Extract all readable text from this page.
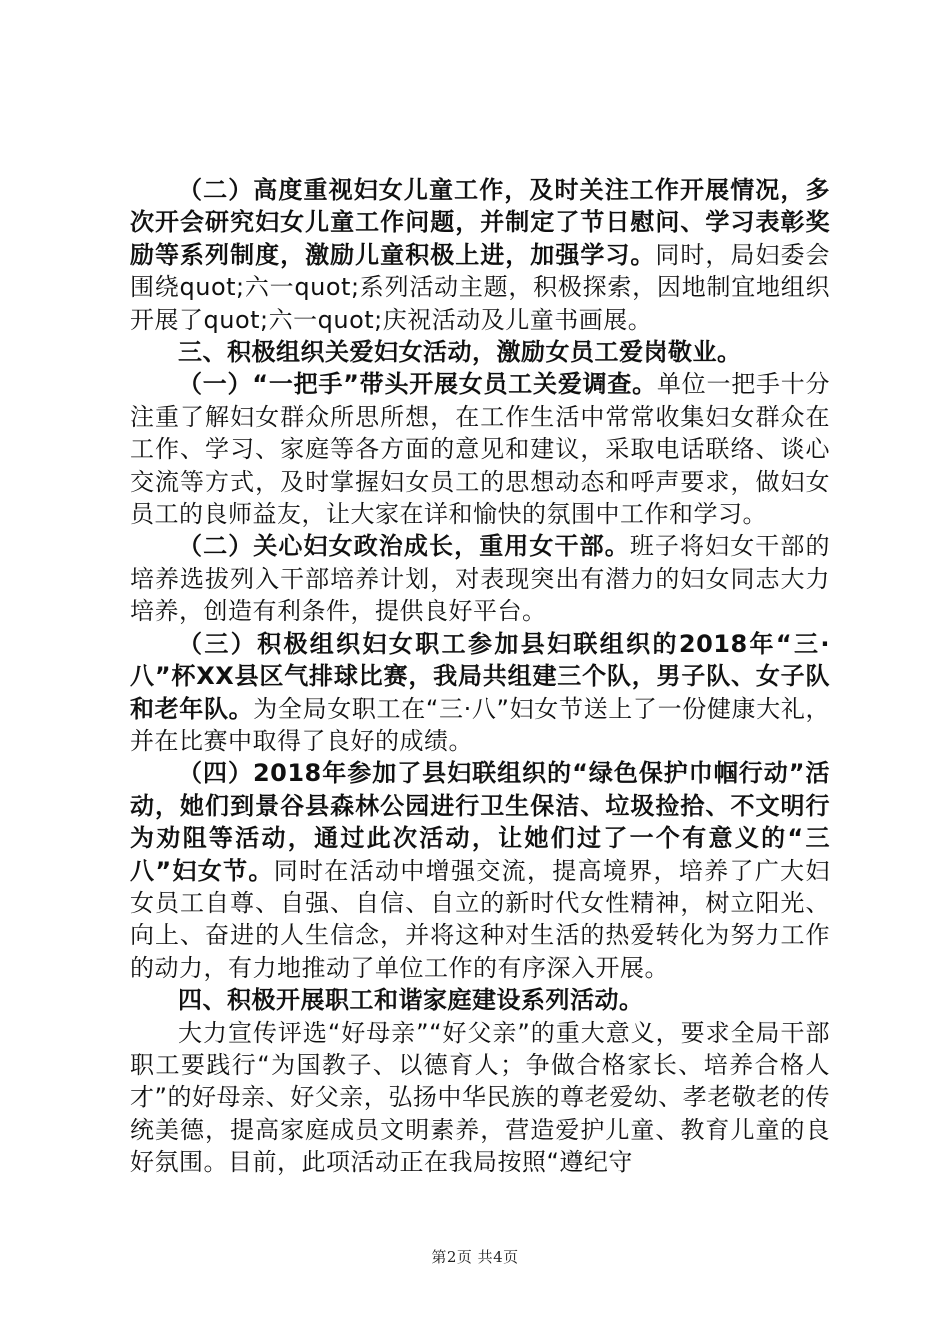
（二）高度重视妇女儿童工作，及时关注工作开展情况，多次开会研究妇女儿童工作问题，并制定了节日慰问、学习表彰奖励等系列制度，激励儿童积极上进，加强学习。同时，局妇委会围绕quot;六一quot;系列活动主题，积极探索，因地制宜地组织开展了quot;六一quot;庆祝活动及儿童书画展。

三、积极组织关爱妇女活动，激励女员工爱岗敬业。

（一）“一把手”带头开展女员工关爱调查。单位一把手十分注重了解妇女群众所思所想，在工作生活中常常收集妇女群众在工作、学习、家庭等各方面的意见和建议，采取电话联络、谈心交流等方式，及时掌握妇女员工的思想动态和呼声要求，做妇女员工的良师益友，让大家在详和愉快的氛围中工作和学习。

（二）关心妇女政治成长，重用女干部。班子将妇女干部的培养选拔列入干部培养计划，对表现突出有潜力的妇女同志大力培养，创造有利条件，提供良好平台。

（三）积极组织妇女职工参加县妇联组织的2018年“三·八”杯XX县区气排球比赛，我局共组建三个队，男子队、女子队和老年队。为全局女职工在“三·八”妇女节送上了一份健康大礼，并在比赛中取得了良好的成绩。

（四）2018年参加了县妇联组织的“绿色保护巾帼行动”活动，她们到景谷县森林公园进行卫生保洁、垃圾捡拾、不文明行为劝阻等活动，通过此次活动，让她们过了一个有意义的“三八”妇女节。同时在活动中增强交流，提高境界，培养了广大妇女员工自尊、自强、自信、自立的新时代女性精神，树立阳光、向上、奋进的人生信念，并将这种对生活的热爱转化为努力工作的动力，有力地推动了单位工作的有序深入开展。

四、积极开展职工和谐家庭建设系列活动。

大力宣传评选“好母亲”“好父亲”的重大意义，要求全局干部职工要践行“为国教子、以德育人；争做合格家长、培养合格人才”的好母亲、好父亲，弘扬中华民族的尊老爱幼、孝老敬老的传统美德，提高家庭成员文明素养，营造爱护儿童、教育儿童的良好氛围。目前，此项活动正在我局按照“遵纪守

第2页 共4页
